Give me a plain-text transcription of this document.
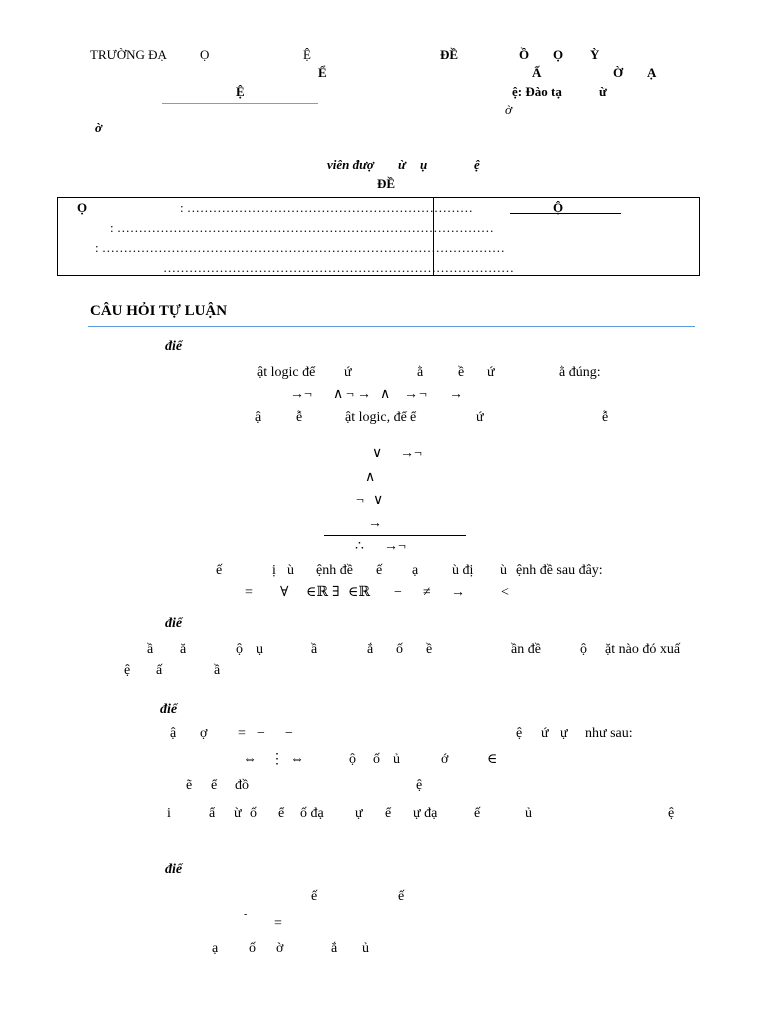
TRƯỜNG ĐẠ	Ọ	Ệ	ĐỀ	Ồ Ọ Ỳ
Ể	Ấ	Ờ Ạ
Ệ	ệ: Đào tạ	ừ
ờ
ờ
viên đượ ừ ụ	ệ
ĐỀ
Ọ	: …………………………………………………………	Ộ
: ……………………………………………………………………………
: …………………………………………………………………………………
………………………………………………………………………
CÂU HỎI TỰ LUẬN
điể
ật logic để ứ	ằ ề ứ	ằ đúng:
→¬ ∧ ¬ → ∧ → ¬ →
ậ ễ	ật logic, để ể	ứ	ễ
∨ →¬
∧
¬ ∨
→
∴ →¬
ế	ị ù ệnh đề ế ạ ù đị ù ệnh đề sau đây:
= ∀ ∈ℝ ∃ ∈ℝ − ≠ →	<
điể
ầ ă	ộ ụ	ầ	ắ ố ề	ần đề	ộ ặt nào đó xuấ
ệ ấ	ầ
điể
ậ ợ = − −	ệ ứ ự như sau:
⇔ ⋮ ⇔	ộ ố ủ	ớ	∈
ẽ ể đồ	ệ
i	ẩ ừ ố ể ố đạ ự ể ự đạ	ế	ủ	ệ
điể
ế	ế
-
=
ạ ố ờ	ắ ủ
